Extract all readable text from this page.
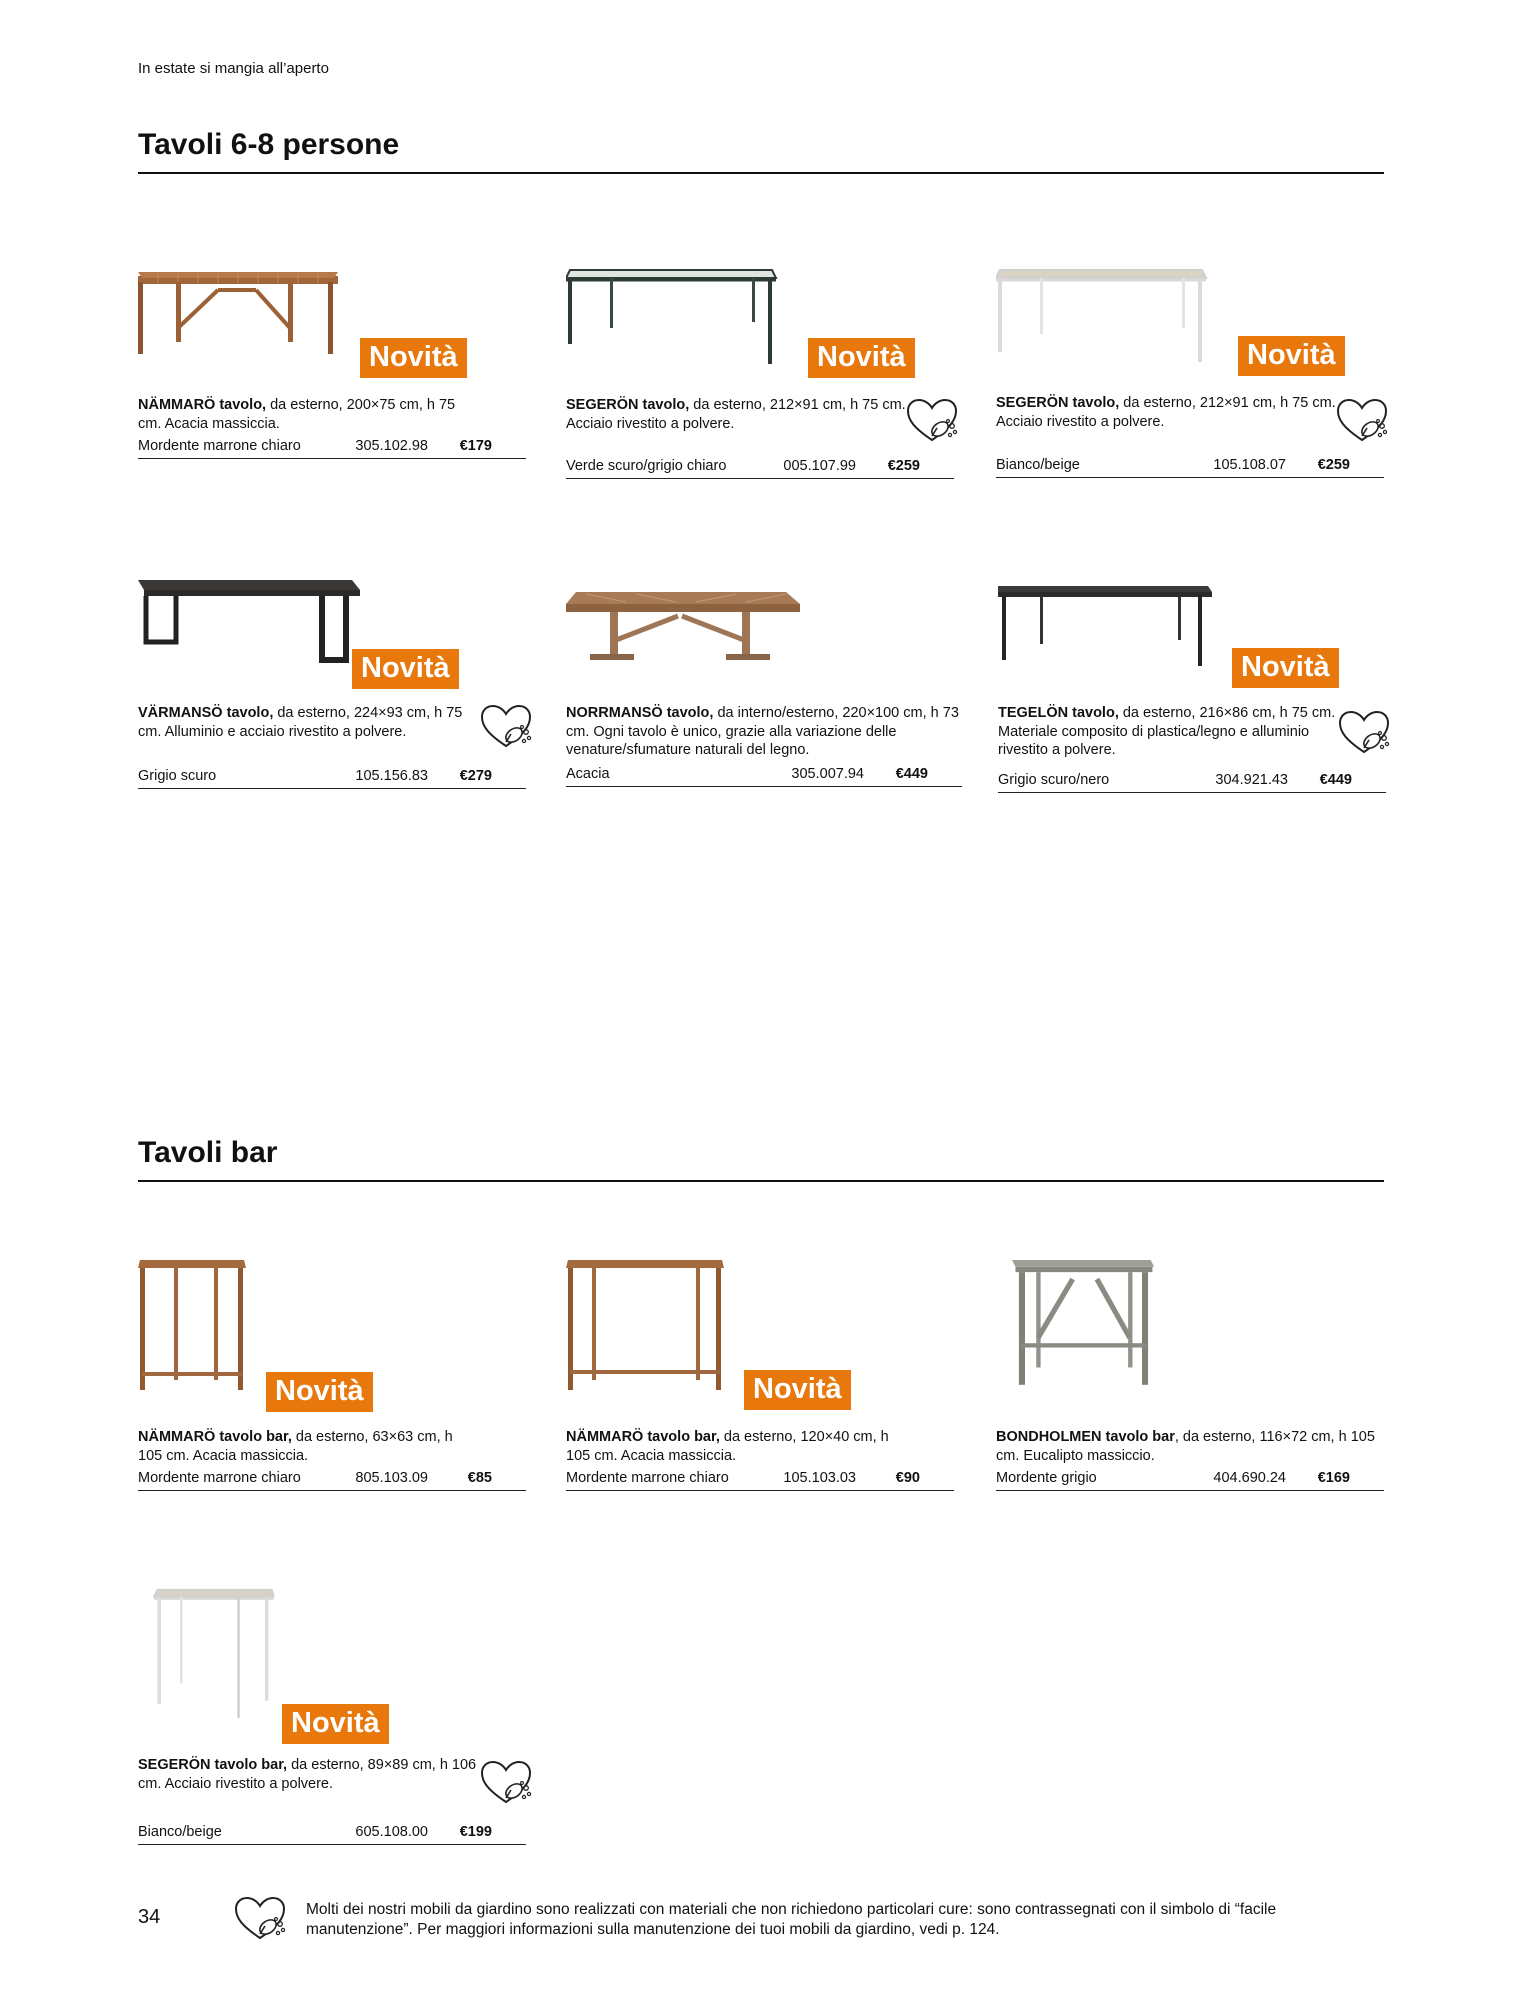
In estate si mangia all’aperto
Tavoli 6-8 persone
Novità
NÄMMARÖ tavolo, da esterno, 200×75 cm, h 75 cm. Acacia massiccia.
Mordente marrone chiaro	305.102.98 €179
Novità
SEGERÖN tavolo, da esterno, 212×91 cm, h 75 cm. Acciaio rivestito a polvere.
Verde scuro/grigio chiaro	005.107.99 €259
Novità
SEGERÖN tavolo, da esterno, 212×91 cm, h 75 cm. Acciaio rivestito a polvere.
Bianco/beige	105.108.07 €259
Novità
VÄRMANSÖ tavolo, da esterno, 224×93 cm, h 75 cm. Alluminio e acciaio rivestito a polvere.
Grigio scuro	105.156.83 €279
NORRMANSÖ tavolo, da interno/esterno, 220×100 cm, h 73 cm. Ogni tavolo è unico, grazie alla variazione delle venature/sfumature naturali del legno.
Acacia	305.007.94 €449
Novità
TEGELÖN tavolo, da esterno, 216×86 cm, h 75 cm. Materiale composito di plastica/legno e alluminio rivestito a polvere.
Grigio scuro/nero	304.921.43 €449
Tavoli bar
Novità
NÄMMARÖ tavolo bar, da esterno, 63×63 cm, h 105 cm. Acacia massiccia.
Mordente marrone chiaro	805.103.09	€85
Novità
NÄMMARÖ tavolo bar, da esterno, 120×40 cm, h 105 cm. Acacia massiccia.
Mordente marrone chiaro	105.103.03	€90
BONDHOLMEN tavolo bar, da esterno, 116×72 cm, h 105 cm. Eucalipto massiccio.
Mordente grigio	404.690.24 €169
Novità
SEGERÖN tavolo bar, da esterno, 89×89 cm, h 106 cm. Acciaio rivestito a polvere.
Bianco/beige	605.108.00 €199
34	Molti dei nostri mobili da giardino sono realizzati con materiali che non richiedono particolari cure: sono contrassegnati con il simbolo di “facile manutenzione”. Per maggiori informazioni sulla manutenzione dei tuoi mobili da giardino, vedi p. 124.
